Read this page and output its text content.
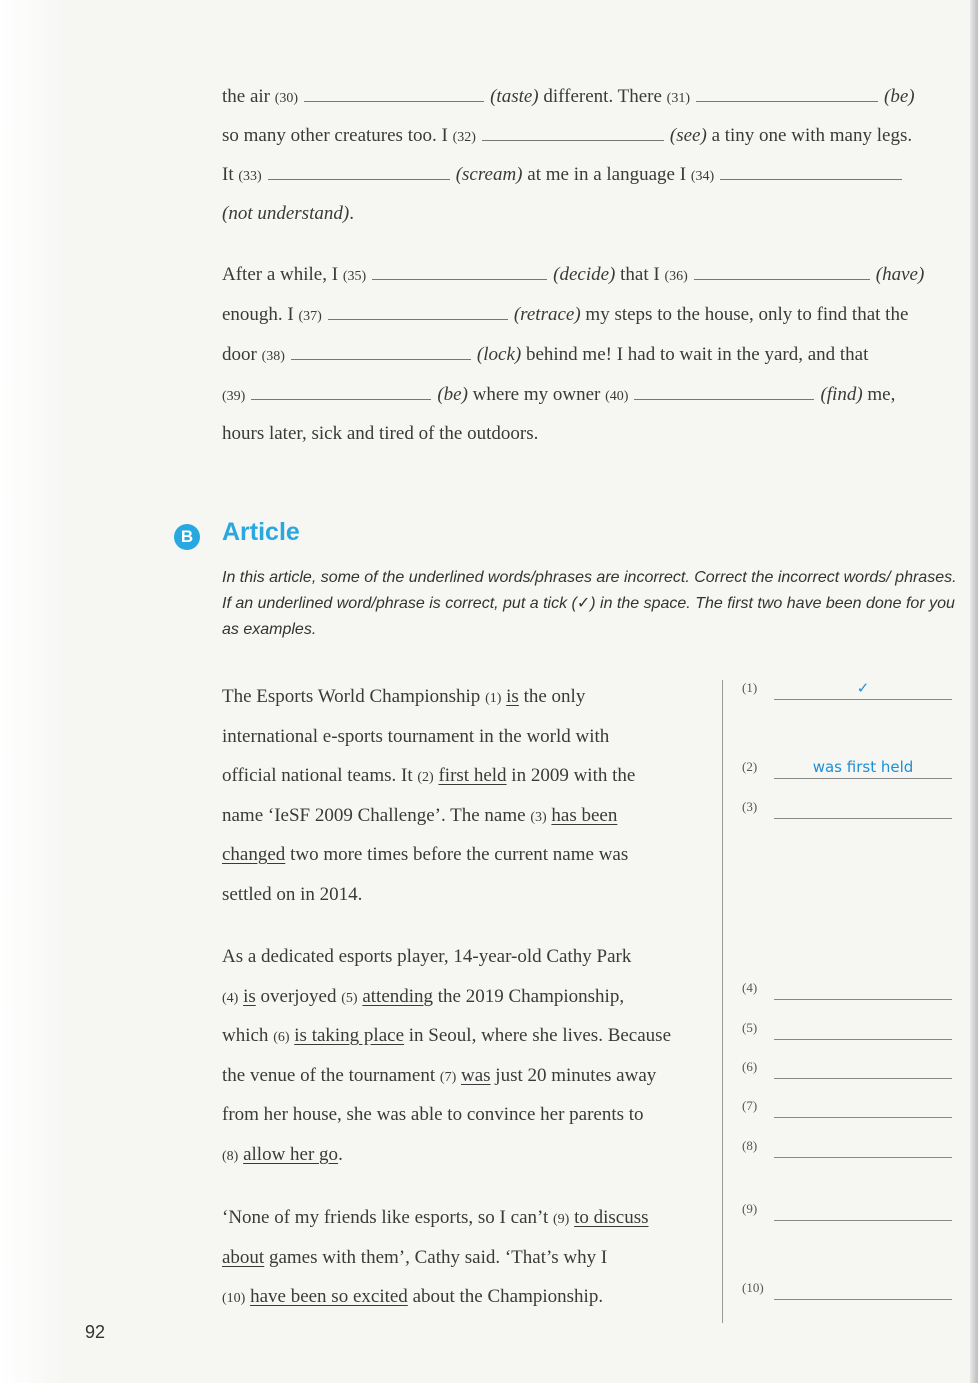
the air (30)	(taste) different. There (31)	(be)
so many other creatures too. I (32)	(see) a tiny one with many legs.
It (33)	(scream) at me in a language I (34)
(not understand).
After a while, I (35)	(decide) that I (36)	(have)
enough. I (37)	(retrace) my steps to the house, only to find that the
door (38)	(lock) behind me! I had to wait in the yard, and that
(39)	(be) where my owner (40)	(find) me,
hours later, sick and tired of the outdoors.
B Article
In this article, some of the underlined words/phrases are incorrect. Correct the incorrect words/ phrases. If an underlined word/phrase is correct, put a tick (✓) in the space. The first two have been done for you as examples.
The Esports World Championship (1) is the only
international e-sports tournament in the world with
official national teams. It (2) first held in 2009 with the
name ‘IeSF 2009 Challenge’. The name (3) has been
changed two more times before the current name was
settled on in 2014.
As a dedicated esports player, 14-year-old Cathy Park
(4) is overjoyed (5) attending the 2019 Championship,
which (6) is taking place in Seoul, where she lives. Because
the venue of the tournament (7) was just 20 minutes away
from her house, she was able to convince her parents to
(8) allow her go.
‘None of my friends like esports, so I can’t (9) to discuss
about games with them’, Cathy said. ‘That’s why I
(10) have been so excited about the Championship.
(1)	✓
(2)	was first held
(3)
(4)
(5)
(6)
(7)
(8)
(9)
(10)
92
